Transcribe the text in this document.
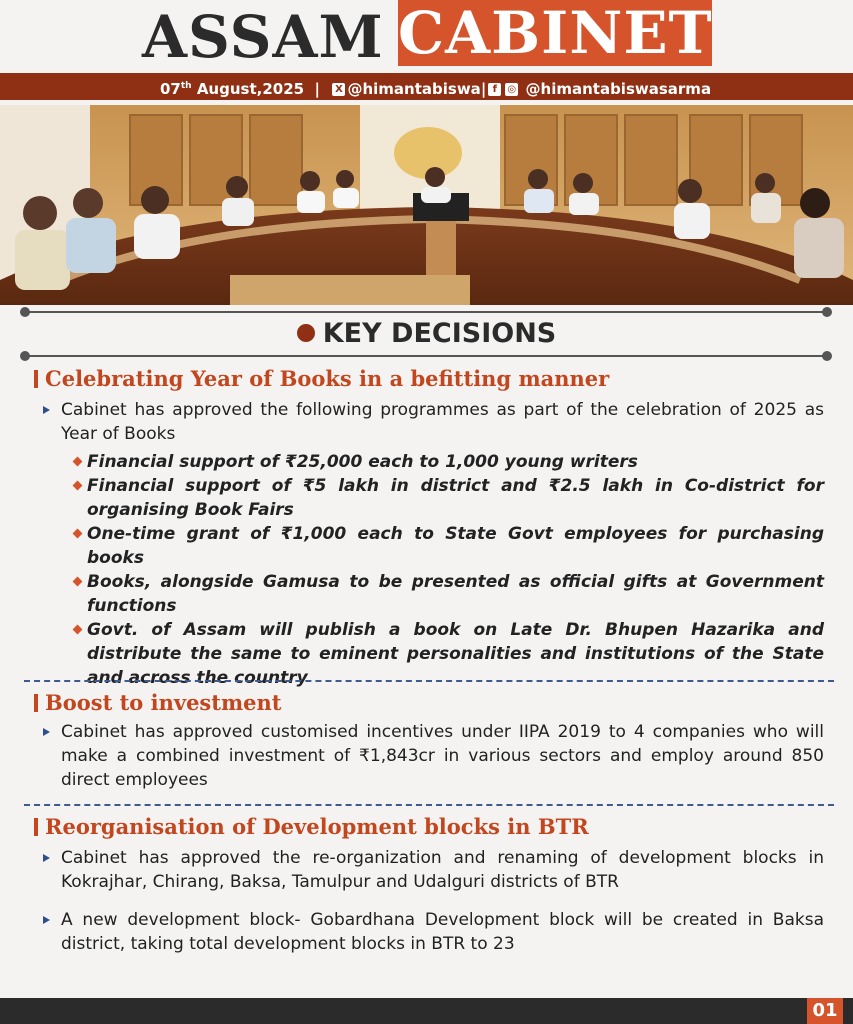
ASSAM CABINET
07th August,2025 | X @himantabiswa| f ◎ @himantabiswasarma
KEY DECISIONS
Celebrating Year of Books in a befitting manner
Cabinet has approved the following programmes as part of the celebration of 2025 as Year of Books
Financial support of ₹25,000 each to 1,000 young writers
Financial support of ₹5 lakh in district and ₹2.5 lakh in Co-district for organising Book Fairs
One-time grant of ₹1,000 each to State Govt employees for purchasing books
Books, alongside Gamusa to be presented as official gifts at Government functions
Govt. of Assam will publish a book on Late Dr. Bhupen Hazarika and distribute the same to eminent personalities and institutions of the State and across the country
Boost to investment
Cabinet has approved customised incentives under IIPA 2019 to 4 companies who will make a combined investment of ₹1,843cr in various sectors and employ around 850 direct employees
Reorganisation of Development blocks in BTR
Cabinet has approved the re-organization and renaming of development blocks in Kokrajhar, Chirang, Baksa, Tamulpur and Udalguri districts of BTR
A new development block- Gobardhana Development block will be created in Baksa district, taking total development blocks in BTR to 23
01
